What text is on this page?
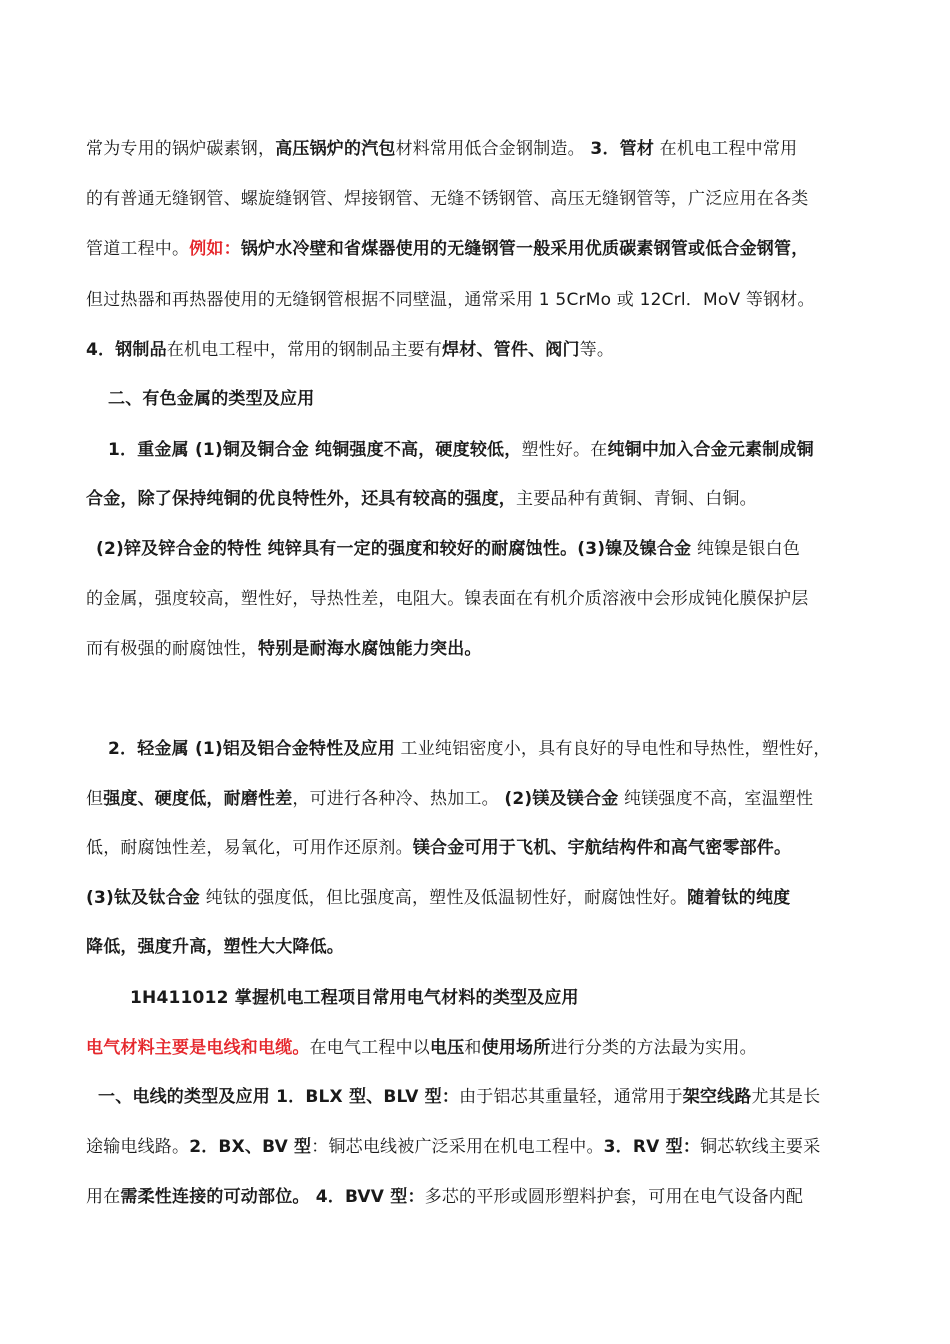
常为专用的锅炉碳素钢，高压锅炉的汽包材料常用低合金钢制造。 3．管材 在机电工程中常用
的有普通无缝钢管、螺旋缝钢管、焊接钢管、无缝不锈钢管、高压无缝钢管等，广泛应用在各类
管道工程中。例如：锅炉水冷壁和省煤器使用的无缝钢管一般采用优质碳素钢管或低合金钢管，
但过热器和再热器使用的无缝钢管根据不同壁温，通常采用 1 5CrMo 或 12Crl．MoV 等钢材。
4．钢制品在机电工程中，常用的钢制品主要有焊材、管件、阀门等。
二、有色金属的类型及应用
1．重金属 (1)铜及铜合金 纯铜强度不高，硬度较低，塑性好。在纯铜中加入合金元素制成铜
合金，除了保持纯铜的优良特性外，还具有较高的强度，主要品种有黄铜、青铜、白铜。
(2)锌及锌合金的特性 纯锌具有一定的强度和较好的耐腐蚀性。(3)镍及镍合金 纯镍是银白色
的金属，强度较高，塑性好，导热性差，电阻大。镍表面在有机介质溶液中会形成钝化膜保护层
而有极强的耐腐蚀性，特别是耐海水腐蚀能力突出。
2．轻金属 (1)铝及铝合金特性及应用 工业纯铝密度小，具有良好的导电性和导热性，塑性好，
但强度、硬度低，耐磨性差，可进行各种冷、热加工。 (2)镁及镁合金 纯镁强度不高，室温塑性
低，耐腐蚀性差，易氧化，可用作还原剂。镁合金可用于飞机、宇航结构件和高气密零部件。
(3)钛及钛合金 纯钛的强度低，但比强度高，塑性及低温韧性好，耐腐蚀性好。随着钛的纯度
降低，强度升高，塑性大大降低。
1H411012 掌握机电工程项目常用电气材料的类型及应用
电气材料主要是电线和电缆。在电气工程中以电压和使用场所进行分类的方法最为实用。
一、电线的类型及应用 1．BLX 型、BLV 型：由于铝芯其重量轻，通常用于架空线路尤其是长
途输电线路。2．BX、BV 型：铜芯电线被广泛采用在机电工程中。3．RV 型：铜芯软线主要采
用在需柔性连接的可动部位。 4．BVV 型：多芯的平形或圆形塑料护套，可用在电气设备内配
